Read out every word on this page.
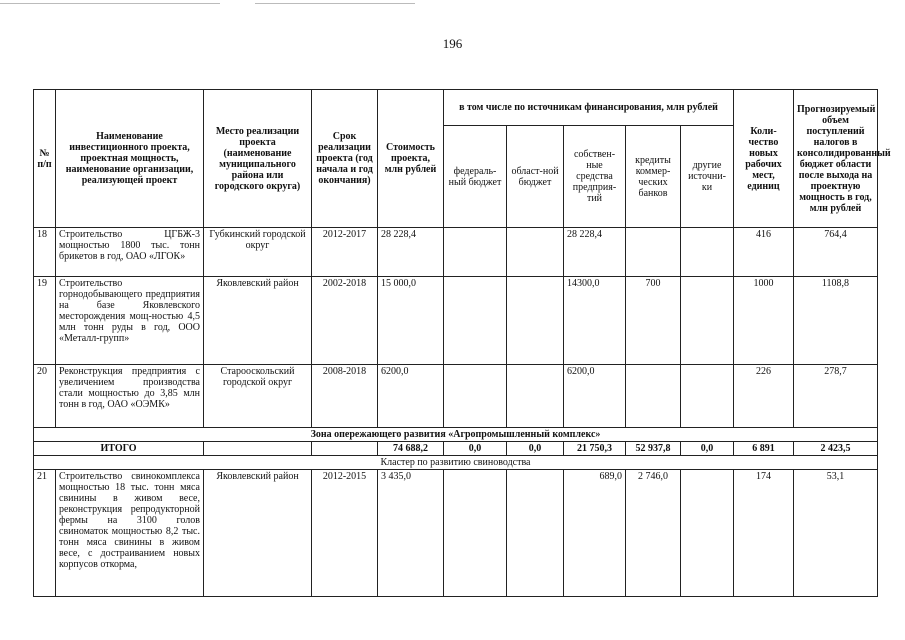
196
№ п/п	Наименование инвестиционного проекта, проектная мощность, наименование организации, реализующей проект	Место реализации проекта (наименование муниципального района или городского округа)	Срок реализации проекта (год начала и год окончания)	Стоимость проекта, млн рублей	в том числе по источникам финансирования, млн рублей					Коли-чество новых рабочих мест, единиц	Прогнозируемый объем поступлений налогов в консолидированный бюджет области после выхода на проектную мощность в год, млн рублей
					федераль-ный бюджет	област-ной бюджет	собствен-ные средства предприя-тий	кредиты коммер-ческих банков	другие источни-ки		
18	Строительство ЦГБЖ-3 мощностью 1800 тыс. тонн брикетов в год, ОАО «ЛГОК»	Губкинский городской округ	2012-2017	28 228,4			28 228,4			416	764,4
19	Строительство горнодобывающего предприятия на базе Яковлевского месторождения мощ-ностью 4,5 млн тонн руды в год, ООО «Металл-групп»	Яковлевский район	2002-2018	15 000,0			14300,0	700		1000	1108,8
20	Реконструкция предприятия с увеличением производства стали мощностью до 3,85 млн тонн в год, ОАО «ОЭМК»	Старооскольский городской округ	2008-2018	6200,0			6200,0			226	278,7
Зона опережающего развития «Агропромышленный комплекс»											
ИТОГО				74 688,2	0,0	0,0	21 750,3	52 937,8	0,0	6 891	2 423,5
Кластер по развитию свиноводства											
21	Строительство свинокомплекса мощностью 18 тыс. тонн мяса свинины в живом весе, реконструкция репродукторной фермы на 3100 голов свиноматок мощностью 8,2 тыс. тонн мяса свинины в живом весе, с достраиванием новых корпусов откорма,	Яковлевский район	2012-2015	3 435,0			689,0	2 746,0		174	53,1
